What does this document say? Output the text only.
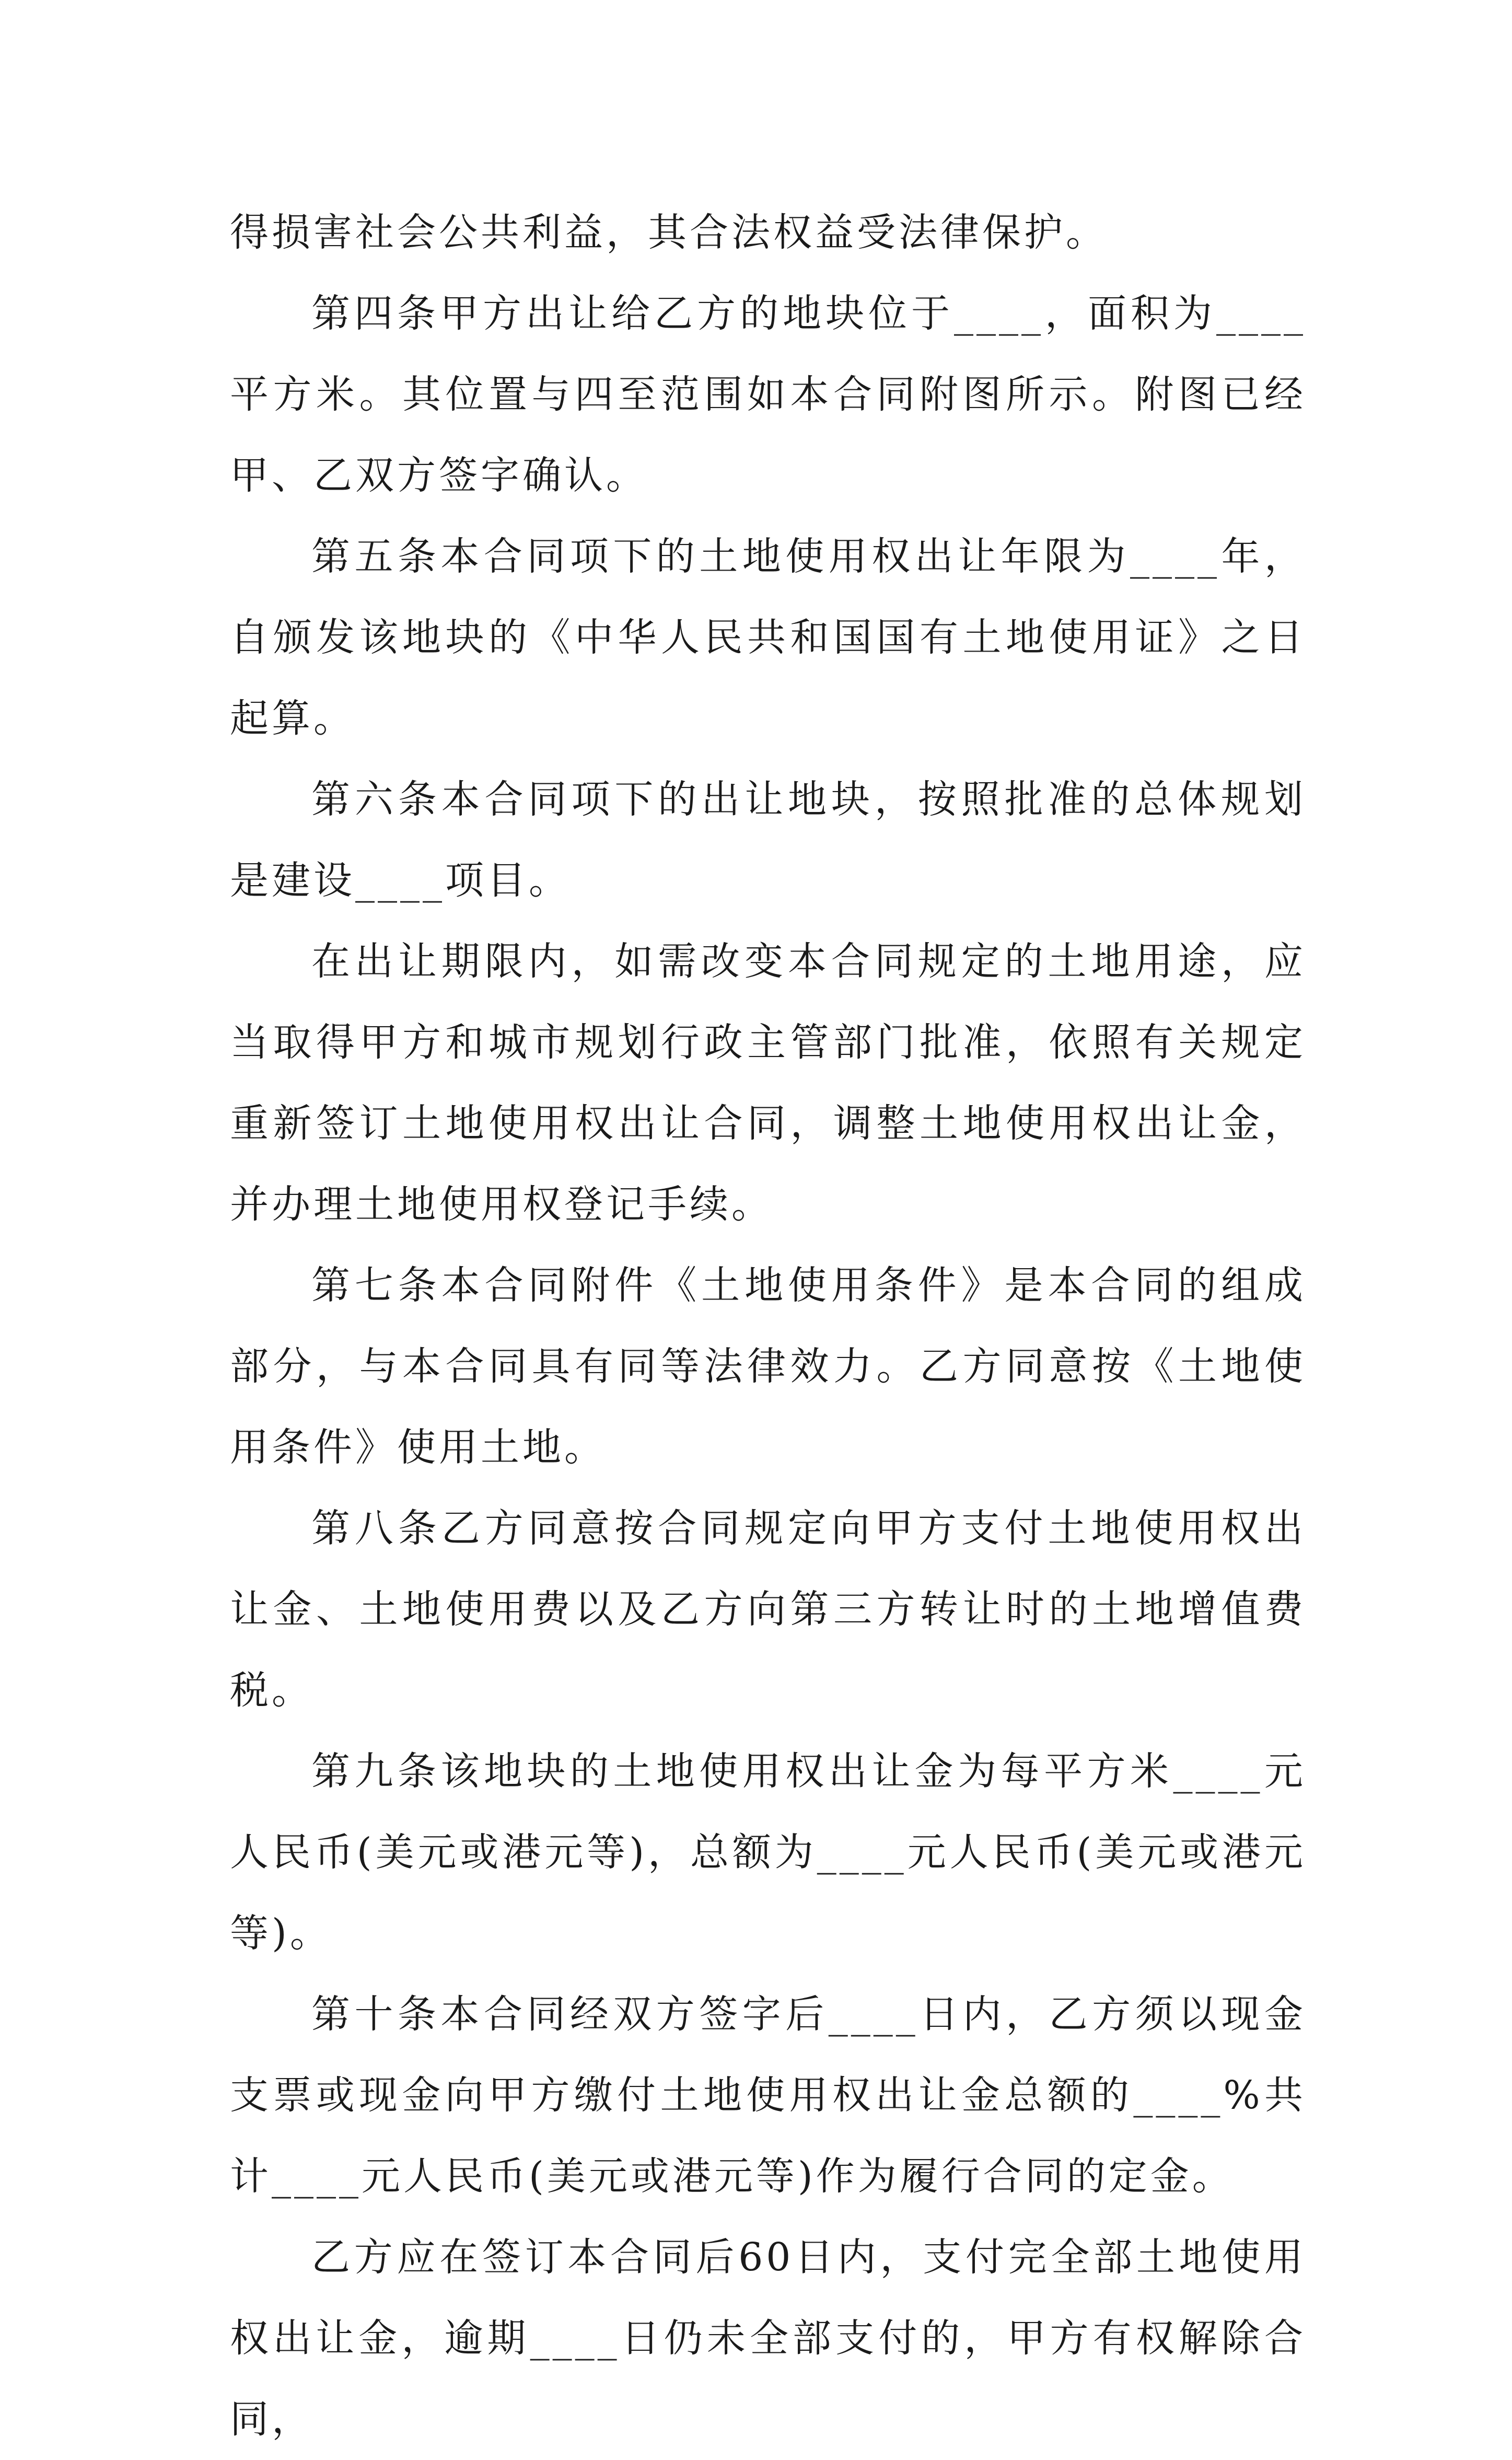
得损害社会公共利益，其合法权益受法律保护。

第四条甲方出让给乙方的地块位于____，面积为____平方米。其位置与四至范围如本合同附图所示。附图已经甲、乙双方签字确认。

第五条本合同项下的土地使用权出让年限为____年，自颁发该地块的《中华人民共和国国有土地使用证》之日起算。

第六条本合同项下的出让地块，按照批准的总体规划是建设____项目。

在出让期限内，如需改变本合同规定的土地用途，应当取得甲方和城市规划行政主管部门批准，依照有关规定重新签订土地使用权出让合同，调整土地使用权出让金，并办理土地使用权登记手续。

第七条本合同附件《土地使用条件》是本合同的组成部分，与本合同具有同等法律效力。乙方同意按《土地使用条件》使用土地。

第八条乙方同意按合同规定向甲方支付土地使用权出让金、土地使用费以及乙方向第三方转让时的土地增值费税。

第九条该地块的土地使用权出让金为每平方米____元人民币(美元或港元等)，总额为____元人民币(美元或港元等)。

第十条本合同经双方签字后____日内，乙方须以现金支票或现金向甲方缴付土地使用权出让金总额的____%共计____元人民币(美元或港元等)作为履行合同的定金。

乙方应在签订本合同后60日内，支付完全部土地使用权出让金，逾期____日仍未全部支付的，甲方有权解除合同，
